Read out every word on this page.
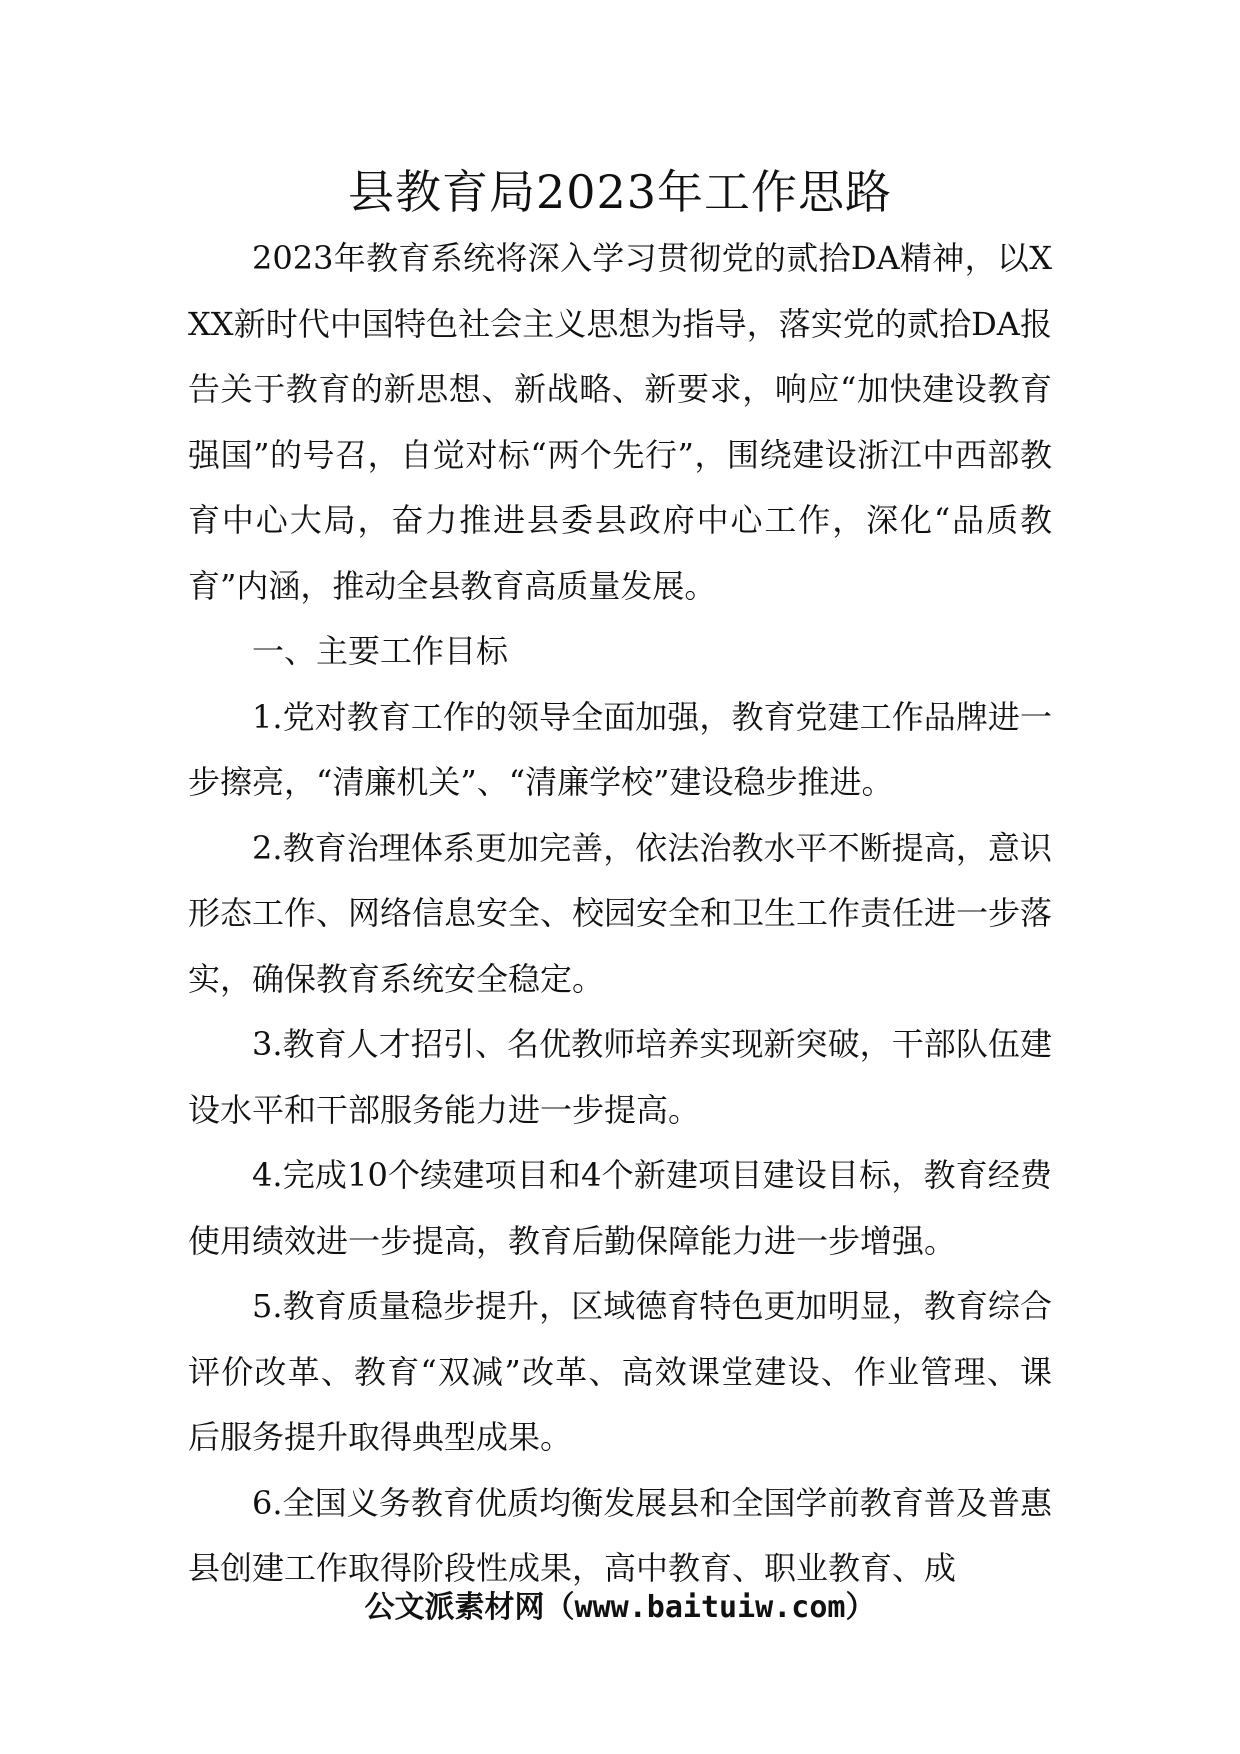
县教育局2023年工作思路

2023年教育系统将深入学习贯彻党的贰拾DA精神，以XXX新时代中国特色社会主义思想为指导，落实党的贰拾DA报告关于教育的新思想、新战略、新要求，响应“加快建设教育强国”的号召，自觉对标“两个先行”，围绕建设浙江中西部教育中心大局，奋力推进县委县政府中心工作，深化“品质教育”内涵，推动全县教育高质量发展。

一、主要工作目标

1.党对教育工作的领导全面加强，教育党建工作品牌进一步擦亮，“清廉机关”、“清廉学校”建设稳步推进。

2.教育治理体系更加完善，依法治教水平不断提高，意识形态工作、网络信息安全、校园安全和卫生工作责任进一步落实，确保教育系统安全稳定。

3.教育人才招引、名优教师培养实现新突破，干部队伍建设水平和干部服务能力进一步提高。

4.完成10个续建项目和4个新建项目建设目标，教育经费使用绩效进一步提高，教育后勤保障能力进一步增强。

5.教育质量稳步提升，区域德育特色更加明显，教育综合评价改革、教育“双减”改革、高效课堂建设、作业管理、课后服务提升取得典型成果。

6.全国义务教育优质均衡发展县和全国学前教育普及普惠县创建工作取得阶段性成果，高中教育、职业教育、成

公文派素材网（www.baituiw.com）
